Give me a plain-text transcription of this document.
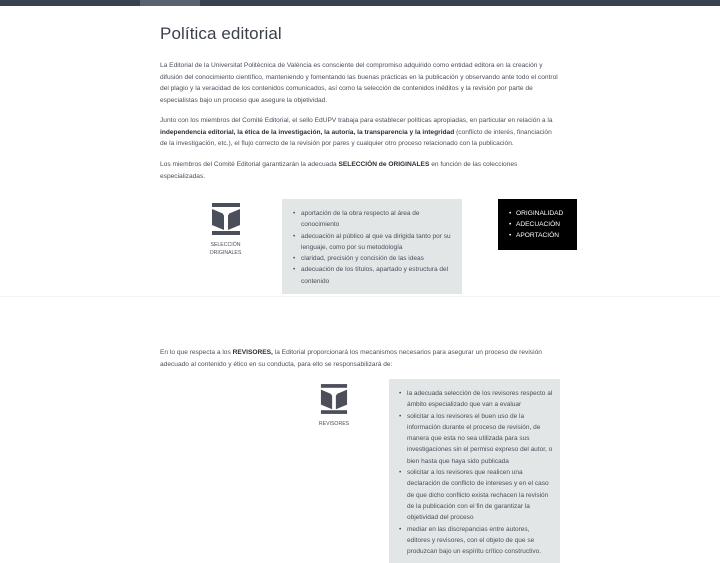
Política editorial

La Editorial de la Universitat Politècnica de València es consciente del compromiso adquirido como entidad editora en la creación y difusión del conocimiento científico, manteniendo y fomentando las buenas prácticas en la publicación y observando ante todo el control del plagio y la veracidad de los contenidos comunicados, así como la selección de contenidos inéditos y la revisión por parte de especialistas bajo un proceso que asegure la objetividad.

Junto con los miembros del Comité Editorial, el sello EdUPV trabaja para establecer políticas apropiadas, en particular en relación a la independencia editorial, la ética de la investigación, la autoría, la transparencia y la integridad (conflicto de interés, financiación de la investigación, etc.), el flujo correcto de la revisión por pares y cualquier otro proceso relacionado con la publicación.

Los miembros del Comité Editorial garantizarán la adecuada SELECCIÓN de ORIGINALES en función de las colecciones especializadas.

SELECCIÓN
ORIGINALES
• aportación de la obra respecto al área de conocimiento
• adecuación al público al que va dirigida tanto por su lenguaje, como por su metodología
• claridad, precisión y concisión de las ideas
• adecuación de los títulos, apartado y estructura del contenido
• ORIGINALIDAD
• ADECUACIÓN
• APORTACIÓN

En lo que respecta a los REVISORES, la Editorial proporcionará los mecanismos necesarios para asegurar un proceso de revisión adecuado al contenido y ético en su conducta, para ello se responsabilizará de:

REVISORES
• la adecuada selección de los revisores respecto al ámbito especializado que van a evaluar
• solicitar a los revisores el buen uso de la información durante el proceso de revisión, de manera que esta no sea utilizada para sus investigaciones sin el permiso expreso del autor, o bien hasta que haya sido publicada
• solicitar a los revisores que realicen una declaración de conflicto de intereses y en el caso de que dicho conflicto exista rechacen la revisión de la publicación con el fin de garantizar la objetividad del proceso
• mediar en las discrepancias entre autores, editores y revisores, con el objeto de que se produzcan bajo un espíritu crítico constructivo.
